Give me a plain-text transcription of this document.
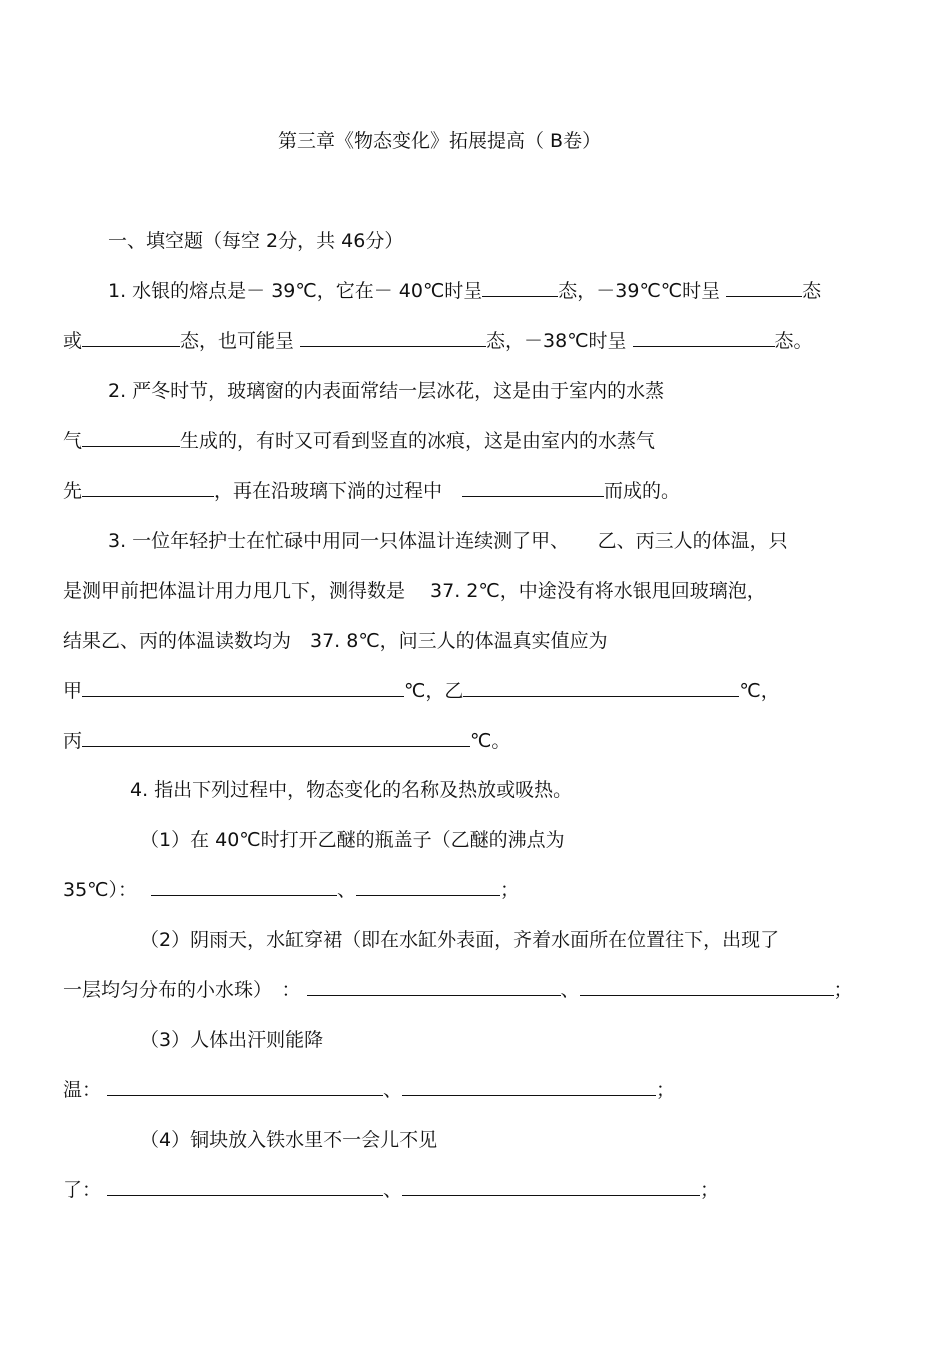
第三章《物态变化》拓展提高（ B卷）
一、填空题（每空 2分，共 46分）
1. 水银的熔点是－ 39℃，它在－ 40℃时呈	态，－39℃℃时呈	态
或	态，也可能呈	态，－38℃时呈	态。
2. 严冬时节，玻璃窗的内表面常结一层冰花，这是由于室内的水蒸
气	生成的，有时又可看到竖直的冰痕，这是由室内的水蒸气
先	，再在沿玻璃下淌的过程中	而成的。
3. 一位年轻护士在忙碌中用同一只体温计连续测了甲、　　乙、丙三人的体温，只
是测甲前把体温计用力甩几下，测得数是　 37. 2℃，中途没有将水银甩回玻璃泡，
结果乙、丙的体温读数均为　37. 8℃，问三人的体温真实值应为
甲	℃，乙	℃，
丙	℃。
4. 指出下列过程中，物态变化的名称及热放或吸热。
（1）在 40℃时打开乙醚的瓶盖子（乙醚的沸点为
35℃）：	、	；
（2）阴雨天，水缸穿裙（即在水缸外表面，齐着水面所在位置往下，出现了
一层均匀分布的小水珠）　：	、	；
（3）人体出汗则能降
温：	、	；
（4）铜块放入铁水里不一会儿不见
了：	、	；
